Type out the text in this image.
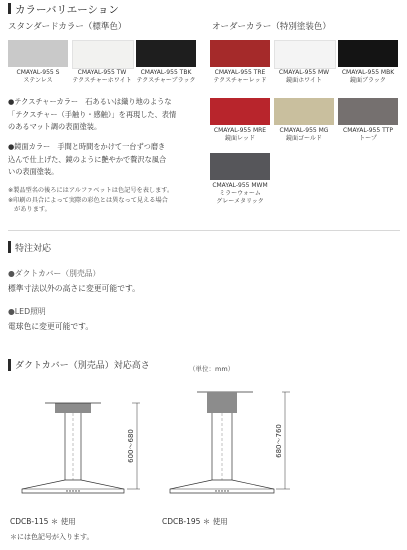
カラーバリエーション
スタンダードカラー（標準色）	オーダーカラー（特別塗装色）
CMAYAL-955 S
ステンレス
CMAYAL-955 TW
テクスチャーホワイト
CMAYAL-955 TBK
テクスチャーブラック
CMAYAL-955 TRE
テクスチャーレッド
CMAYAL-955 MW
鏡面ホワイト
CMAYAL-955 MBK
鏡面ブラック
CMAYAL-955 MRE
鏡面レッド
CMAYAL-955 MG
鏡面ゴールド
CMAYAL-955 TTP
トープ
CMAYAL-955 MWM
ミラーウォーム
グレーメタリック
●テクスチャーカラー　石あるいは織り地のような
「テクスチャー（手触り・感触）」を再現した、表情
のあるマット調の表面塗装。
●鏡面カラー　手間と時間をかけて一台ずつ磨き
込んで仕上げた、鏡のように艶やかで贅沢な風合
いの表面塗装。
※製品型名の後ろにはアルファベットは色記号を表します。
※印刷の具合によって実際の彩色とは異なって見える場合
　があります。
特注対応
●ダクトカバー（別売品）
標準寸法以外の高さに変更可能です。
●LED照明
電球色に変更可能です。
ダクトカバー（別売品）対応高さ	（単位：mm）
600～680	680～760
CDCB-115 ＊ 使用	CDCB-195 ＊ 使用
＊には色記号が入ります。
